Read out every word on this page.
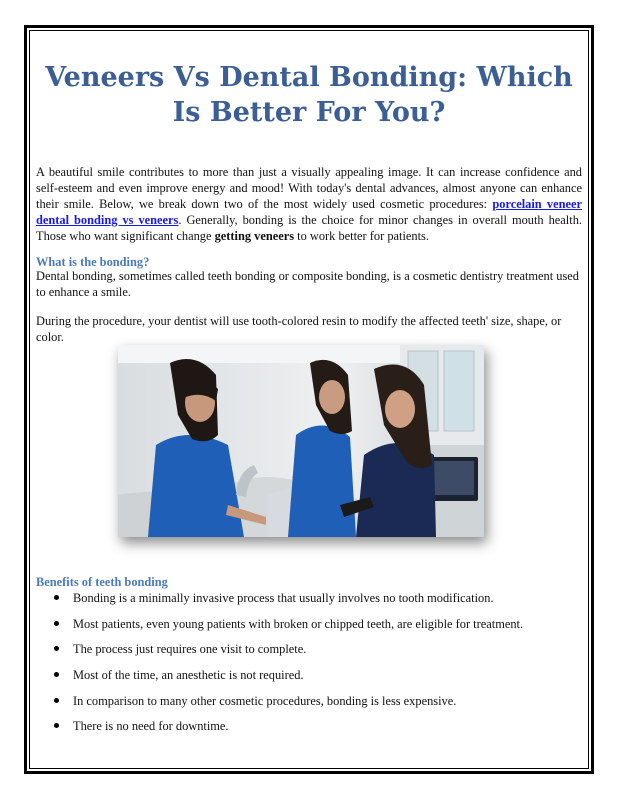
Veneers Vs Dental Bonding: Which Is Better For You?

A beautiful smile contributes to more than just a visually appealing image. It can increase confidence and self-esteem and even improve energy and mood! With today's dental advances, almost anyone can enhance their smile. Below, we break down two of the most widely used cosmetic procedures: porcelain veneer dental bonding vs veneers. Generally, bonding is the choice for minor changes in overall mouth health. Those who want significant change getting veneers to work better for patients.

What is the bonding?

Dental bonding, sometimes called teeth bonding or composite bonding, is a cosmetic dentistry treatment used to enhance a smile.

During the procedure, your dentist will use tooth-colored resin to modify the affected teeth' size, shape, or color.

Benefits of teeth bonding
Bonding is a minimally invasive process that usually involves no tooth modification.
Most patients, even young patients with broken or chipped teeth, are eligible for treatment.
The process just requires one visit to complete.
Most of the time, an anesthetic is not required.
In comparison to many other cosmetic procedures, bonding is less expensive.
There is no need for downtime.
